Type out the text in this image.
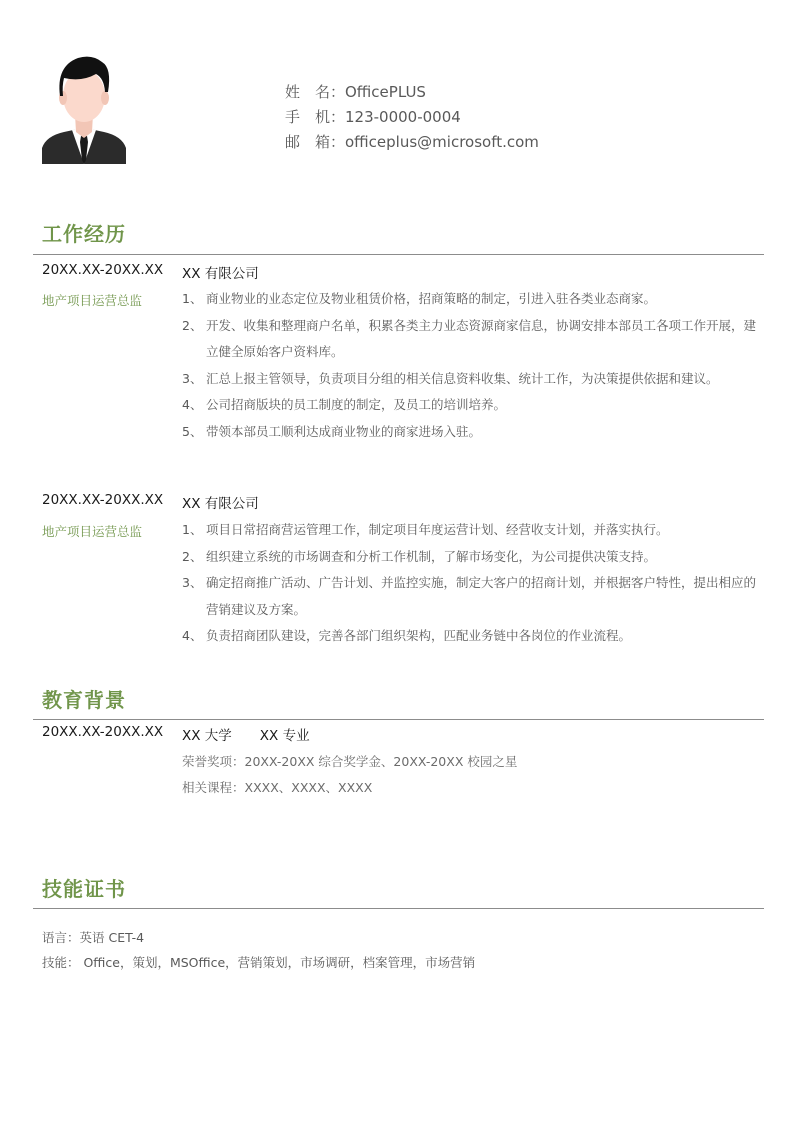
姓　名：OfficePLUS
手　机：123-0000-0004
邮　箱：officeplus@microsoft.com
工作经历
20XX.XX-20XX.XX XX 有限公司
地产项目运营总监	1、 商业物业的业态定位及物业租赁价格，招商策略的制定，引进入驻各类业态商家。
2、 开发、收集和整理商户名单，积累各类主力业态资源商家信息，协调安排本部员工各项工作开展，建立健全原始客户资料库。
3、 汇总上报主管领导，负责项目分组的相关信息资料收集、统计工作，为决策提供依据和建议。
4、 公司招商版块的员工制度的制定，及员工的培训培养。
5、 带领本部员工顺利达成商业物业的商家进场入驻。
20XX.XX-20XX.XX XX 有限公司
地产项目运营总监	1、 项目日常招商营运管理工作，制定项目年度运营计划、经营收支计划，并落实执行。
2、 组织建立系统的市场调查和分析工作机制，了解市场变化，为公司提供决策支持。
3、 确定招商推广活动、广告计划、并监控实施，制定大客户的招商计划，并根据客户特性，提出相应的营销建议及方案。
4、 负责招商团队建设，完善各部门组织架构，匹配业务链中各岗位的作业流程。
教育背景
20XX.XX-20XX.XX XX 大学 XX 专业
荣誉奖项：20XX-20XX 综合奖学金、20XX-20XX 校园之星
相关课程：XXXX、XXXX、XXXX
技能证书
语言：英语 CET-4
技能： Office，策划，MSOffice，营销策划，市场调研，档案管理，市场营销
